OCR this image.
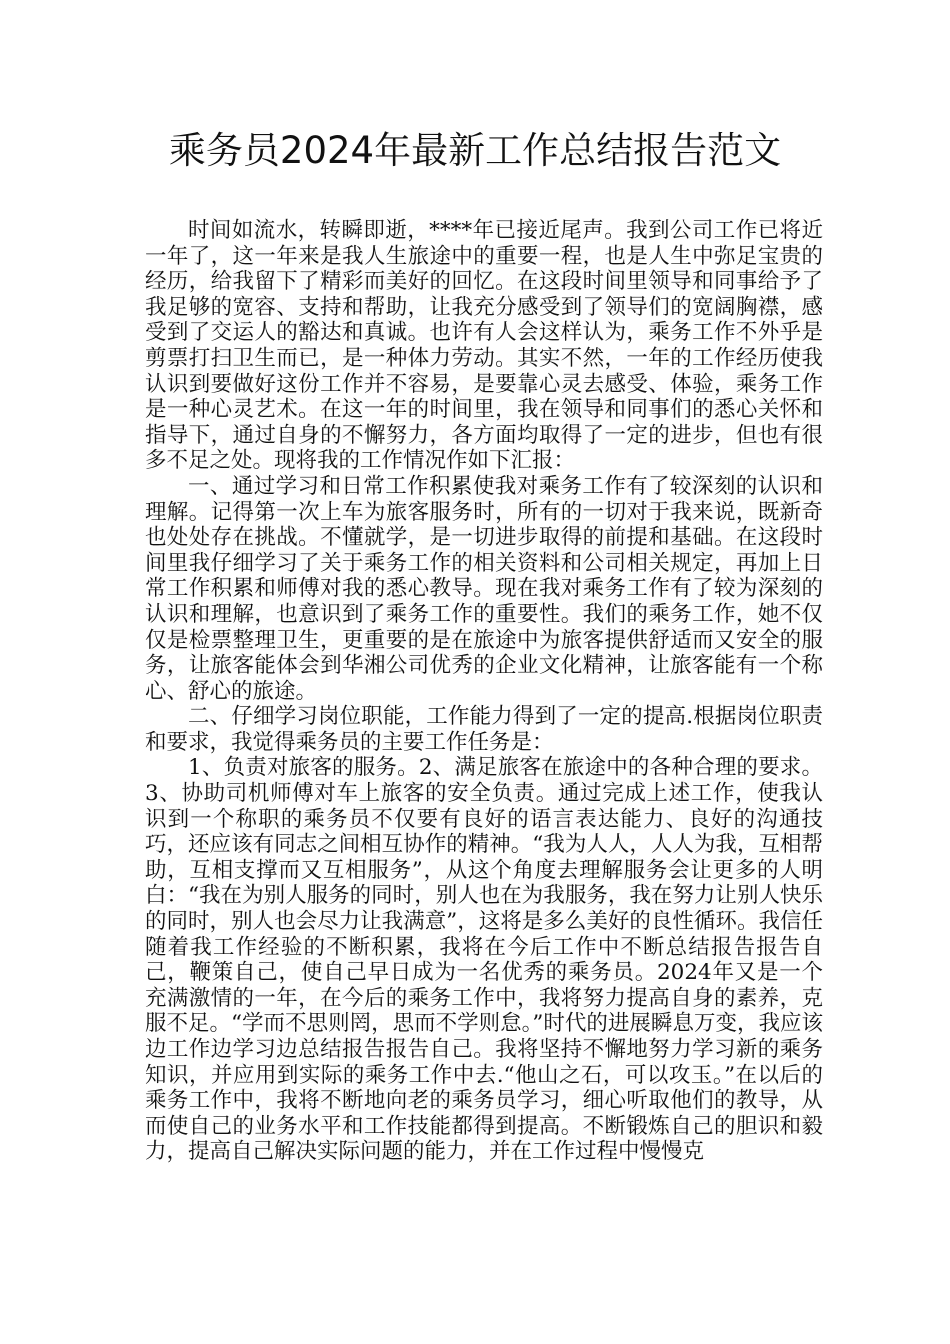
乘务员2024年最新工作总结报告范文

时间如流水，转瞬即逝，****年已接近尾声。我到公司工作已将近一年了，这一年来是我人生旅途中的重要一程，也是人生中弥足宝贵的经历，给我留下了精彩而美好的回忆。在这段时间里领导和同事给予了我足够的宽容、支持和帮助，让我充分感受到了领导们的宽阔胸襟，感受到了交运人的豁达和真诚。也许有人会这样认为，乘务工作不外乎是剪票打扫卫生而已，是一种体力劳动。其实不然，一年的工作经历使我认识到要做好这份工作并不容易，是要靠心灵去感受、体验，乘务工作是一种心灵艺术。在这一年的时间里，我在领导和同事们的悉心关怀和指导下，通过自身的不懈努力，各方面均取得了一定的进步，但也有很多不足之处。现将我的工作情况作如下汇报：

一、通过学习和日常工作积累使我对乘务工作有了较深刻的认识和理解。记得第一次上车为旅客服务时，所有的一切对于我来说，既新奇也处处存在挑战。不懂就学，是一切进步取得的前提和基础。在这段时间里我仔细学习了关于乘务工作的相关资料和公司相关规定，再加上日常工作积累和师傅对我的悉心教导。现在我对乘务工作有了较为深刻的认识和理解，也意识到了乘务工作的重要性。我们的乘务工作，她不仅仅是检票整理卫生，更重要的是在旅途中为旅客提供舒适而又安全的服务，让旅客能体会到华湘公司优秀的企业文化精神，让旅客能有一个称心、舒心的旅途。

二、仔细学习岗位职能，工作能力得到了一定的提高.根据岗位职责和要求，我觉得乘务员的主要工作任务是：

1、负责对旅客的服务。2、满足旅客在旅途中的各种合理的要求。3、协助司机师傅对车上旅客的安全负责。通过完成上述工作，使我认识到一个称职的乘务员不仅要有良好的语言表达能力、良好的沟通技巧，还应该有同志之间相互协作的精神。“我为人人，人人为我，互相帮助，互相支撑而又互相服务”，从这个角度去理解服务会让更多的人明白：“我在为别人服务的同时，别人也在为我服务，我在努力让别人快乐的同时，别人也会尽力让我满意”，这将是多么美好的良性循环。我信任随着我工作经验的不断积累，我将在今后工作中不断总结报告报告自己，鞭策自己，使自己早日成为一名优秀的乘务员。2024年又是一个充满激情的一年，在今后的乘务工作中，我将努力提高自身的素养，克服不足。“学而不思则罔，思而不学则怠。”时代的进展瞬息万变，我应该边工作边学习边总结报告报告自己。我将坚持不懈地努力学习新的乘务知识，并应用到实际的乘务工作中去.“他山之石，可以攻玉。”在以后的乘务工作中，我将不断地向老的乘务员学习，细心听取他们的教导，从而使自己的业务水平和工作技能都得到提高。不断锻炼自己的胆识和毅力，提高自己解决实际问题的能力，并在工作过程中慢慢克
